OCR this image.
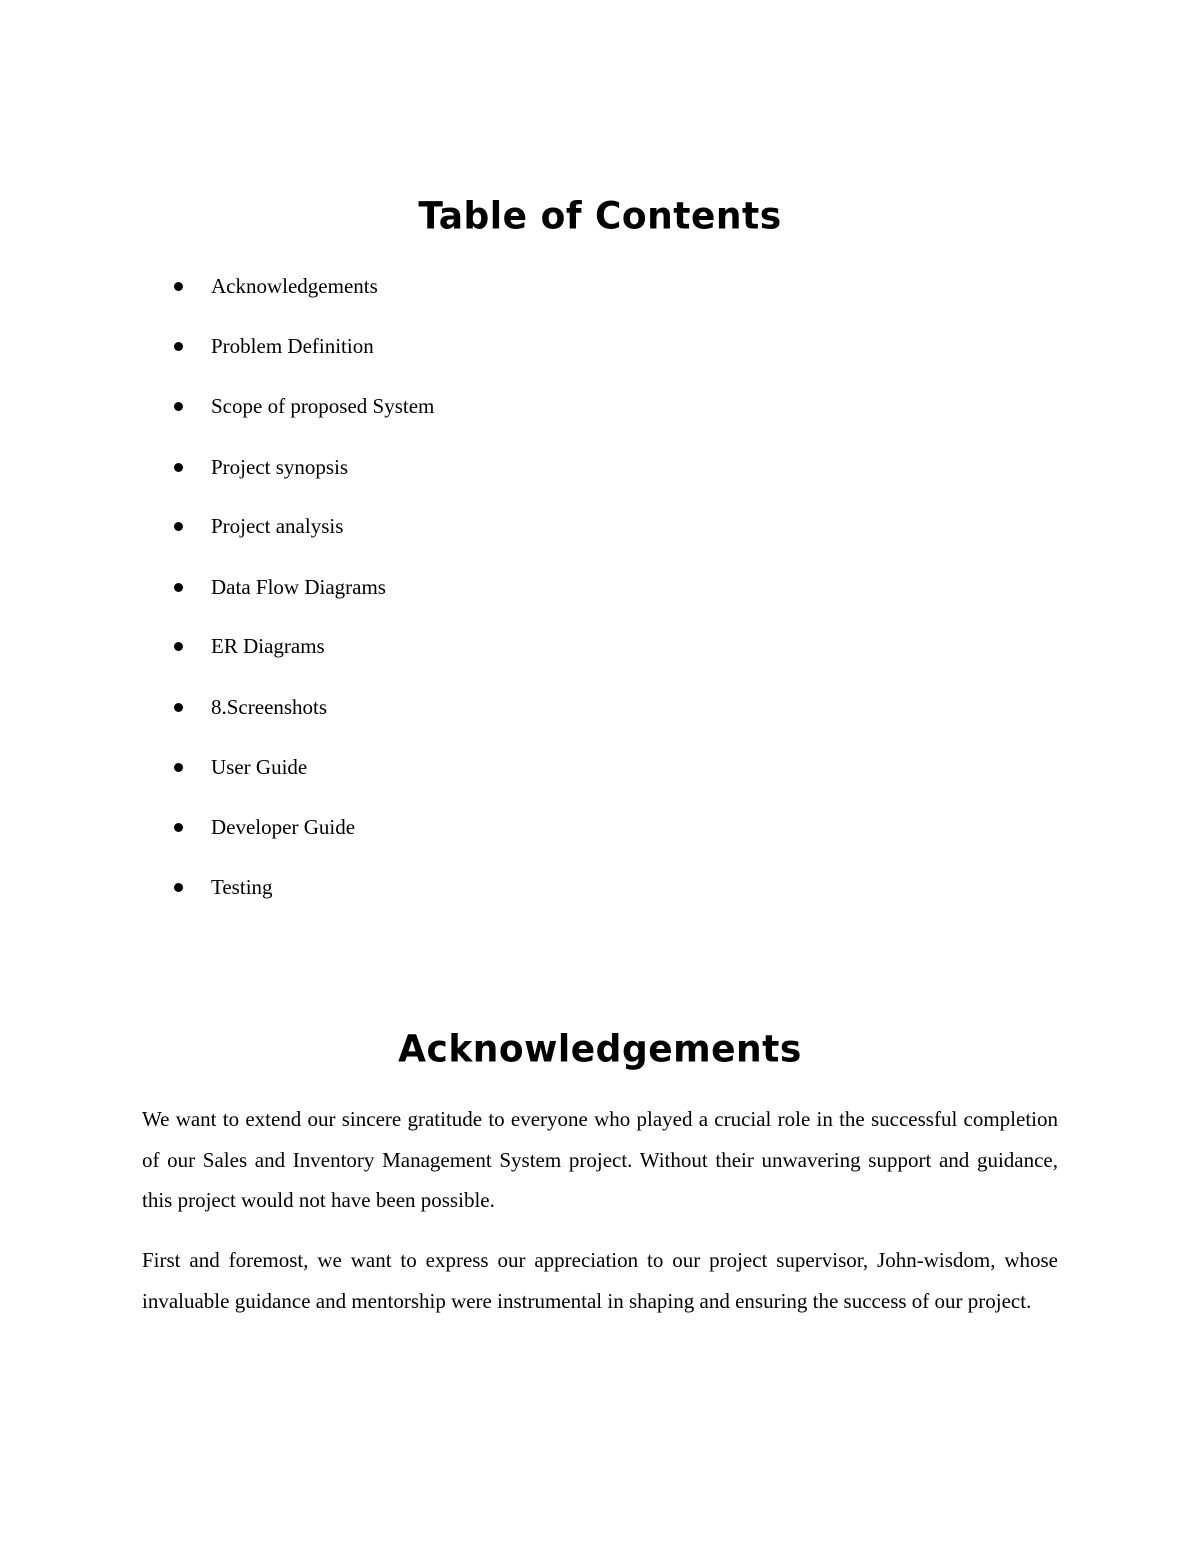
Table of Contents
Acknowledgements
Problem Definition
Scope of proposed System
Project synopsis
Project analysis
Data Flow Diagrams
ER Diagrams
8.Screenshots
User Guide
Developer Guide
Testing
Acknowledgements

We want to extend our sincere gratitude to everyone who played a crucial role in the successful completion of our Sales and Inventory Management System project. Without their unwavering support and guidance, this project would not have been possible.

First and foremost, we want to express our appreciation to our project supervisor, John-wisdom, whose invaluable guidance and mentorship were instrumental in shaping and ensuring the success of our project.
